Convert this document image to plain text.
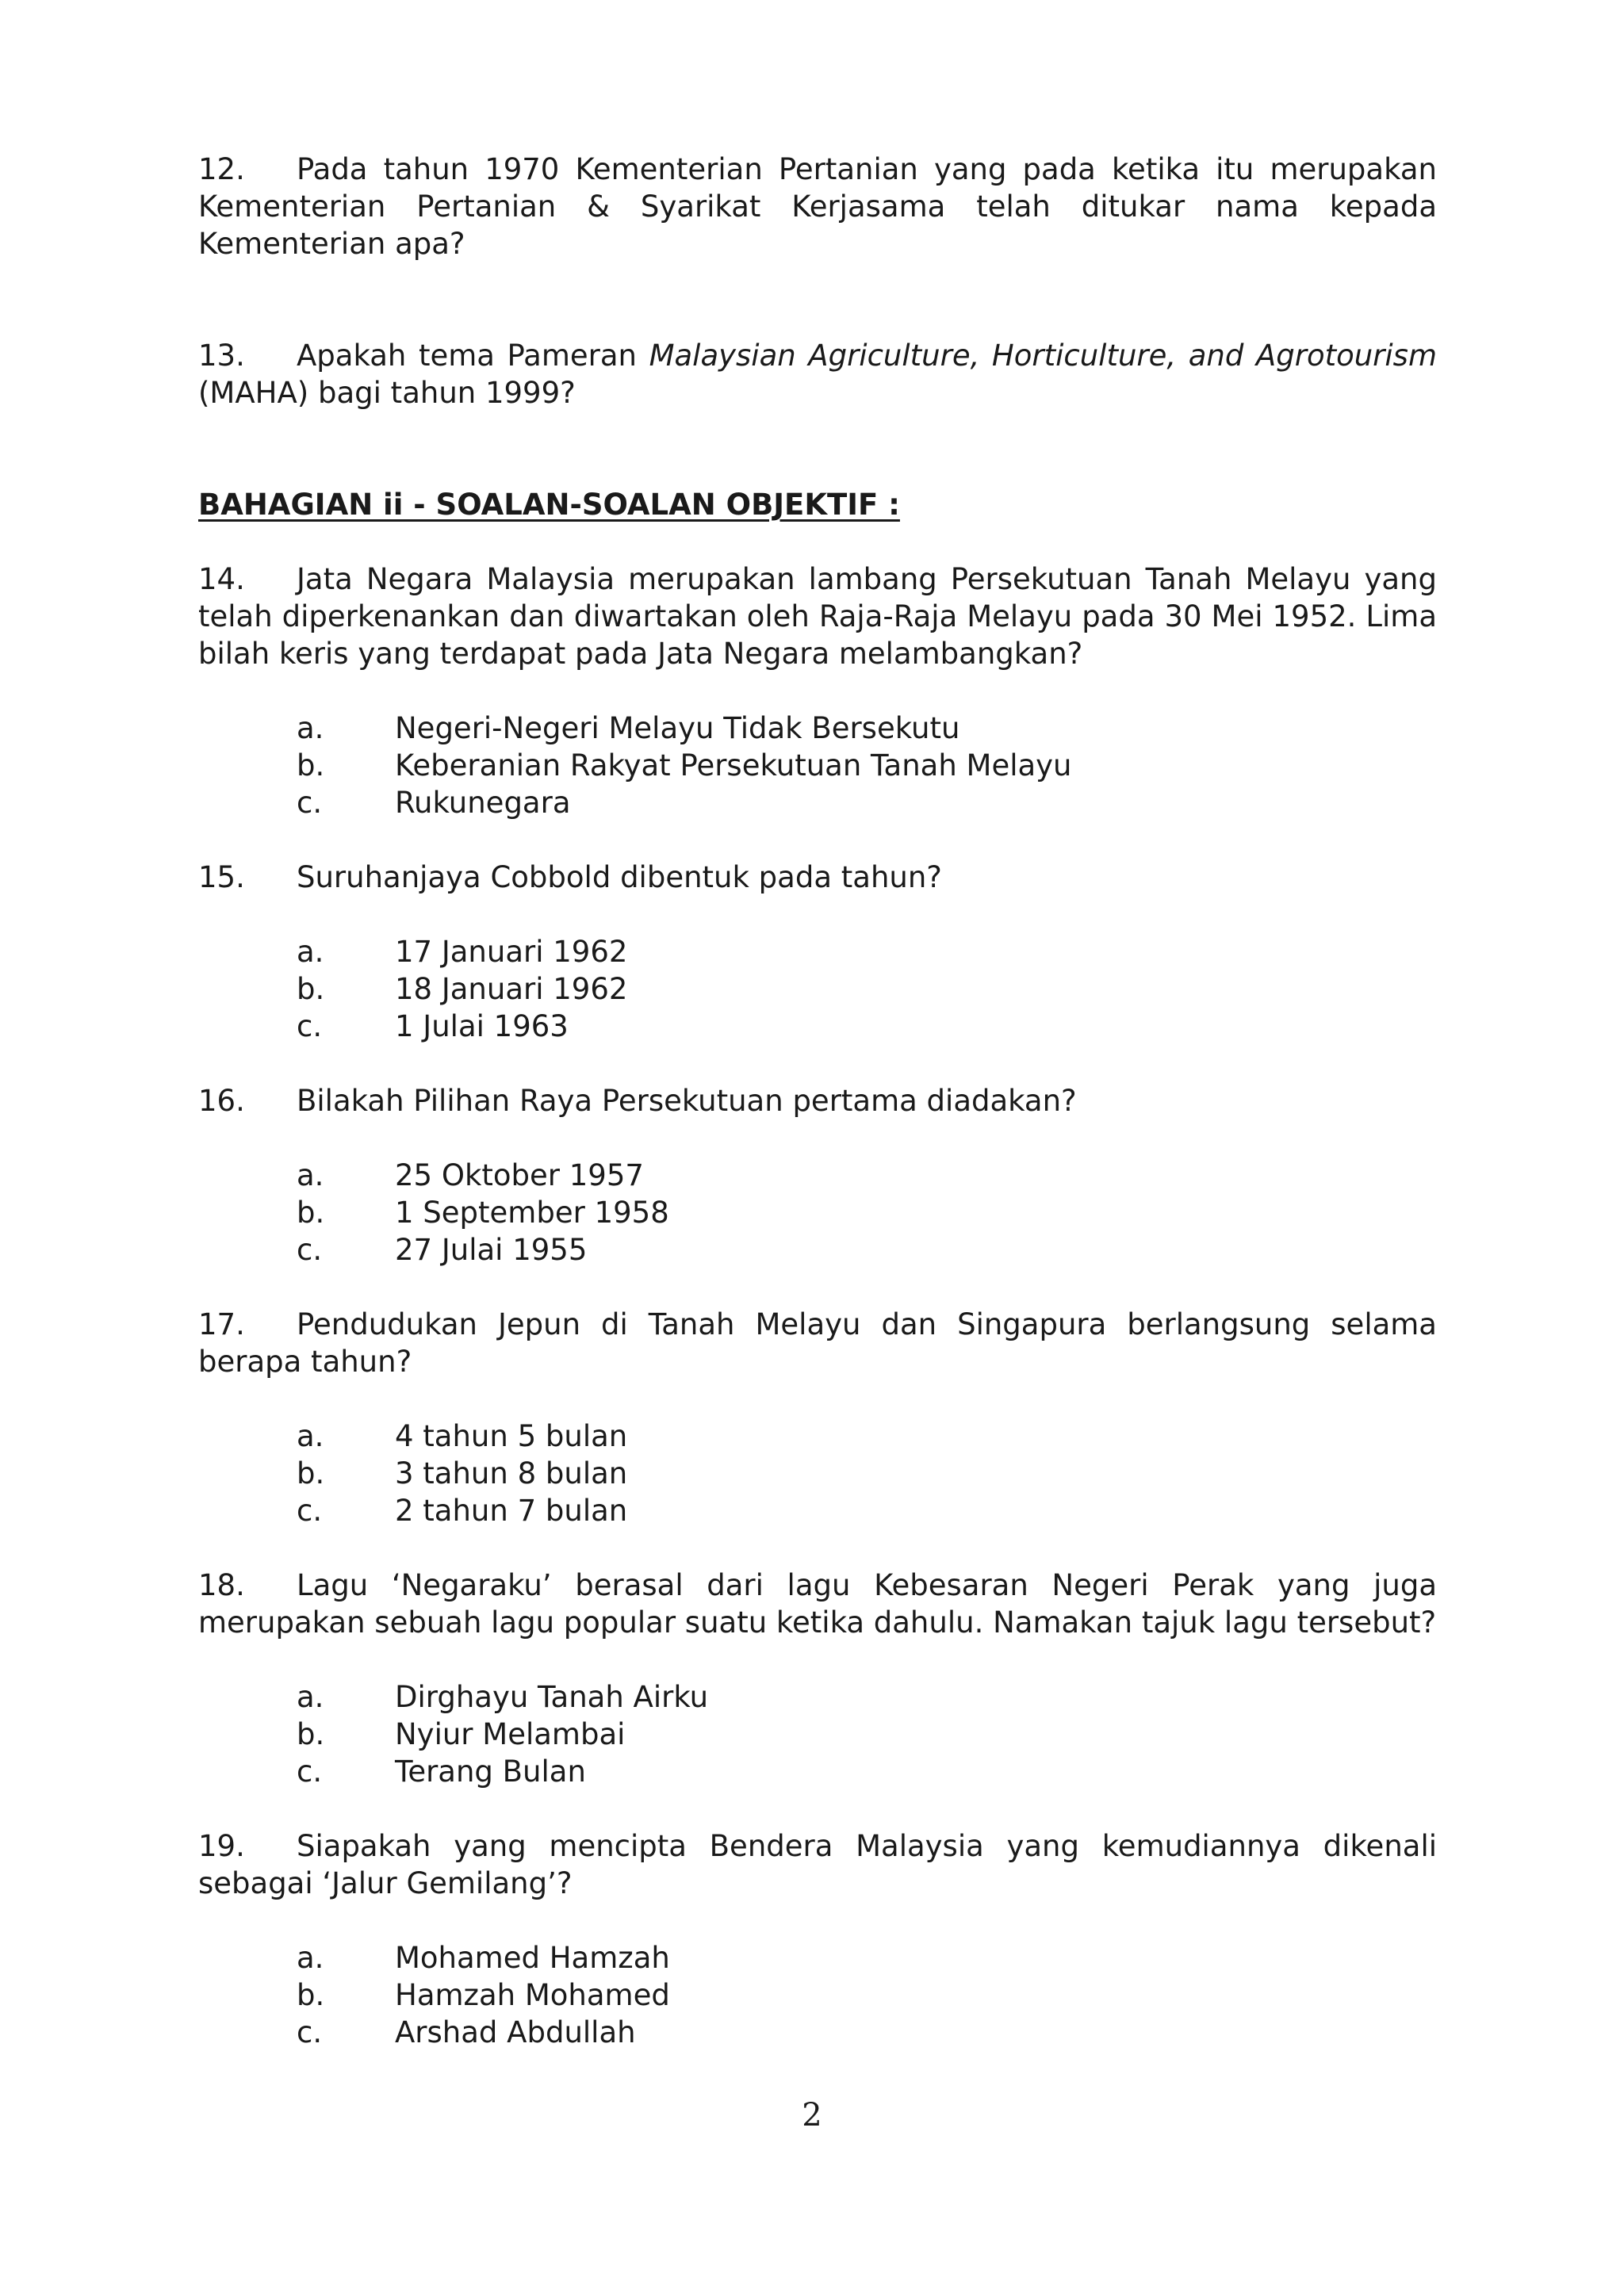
12. Pada tahun 1970 Kementerian Pertanian yang pada ketika itu merupakan Kementerian Pertanian & Syarikat Kerjasama telah ditukar nama kepada Kementerian apa?

13. Apakah tema Pameran Malaysian Agriculture, Horticulture, and Agrotourism (MAHA) bagi tahun 1999?

BAHAGIAN ii - SOALAN-SOALAN OBJEKTIF :

14. Jata Negara Malaysia merupakan lambang Persekutuan Tanah Melayu yang telah diperkenankan dan diwartakan oleh Raja-Raja Melayu pada 30 Mei 1952. Lima bilah keris yang terdapat pada Jata Negara melambangkan?

a.	Negeri-Negeri Melayu Tidak Bersekutu
b.	Keberanian Rakyat Persekutuan Tanah Melayu
c.	Rukunegara

15. Suruhanjaya Cobbold dibentuk pada tahun?

a.	17 Januari 1962
b.	18 Januari 1962
c.	1 Julai 1963

16. Bilakah Pilihan Raya Persekutuan pertama diadakan?

a.	25 Oktober 1957
b.	1 September 1958
c.	27 Julai 1955

17. Pendudukan Jepun di Tanah Melayu dan Singapura berlangsung selama berapa tahun?

a.	4 tahun 5 bulan
b.	3 tahun 8 bulan
c.	2 tahun 7 bulan

18. Lagu ‘Negaraku’ berasal dari lagu Kebesaran Negeri Perak yang juga merupakan sebuah lagu popular suatu ketika dahulu. Namakan tajuk lagu tersebut?

a.	Dirghayu Tanah Airku
b.	Nyiur Melambai
c.	Terang Bulan

19. Siapakah yang mencipta Bendera Malaysia yang kemudiannya dikenali sebagai ‘Jalur Gemilang’?

a.	Mohamed Hamzah
b.	Hamzah Mohamed
c.	Arshad Abdullah
2
